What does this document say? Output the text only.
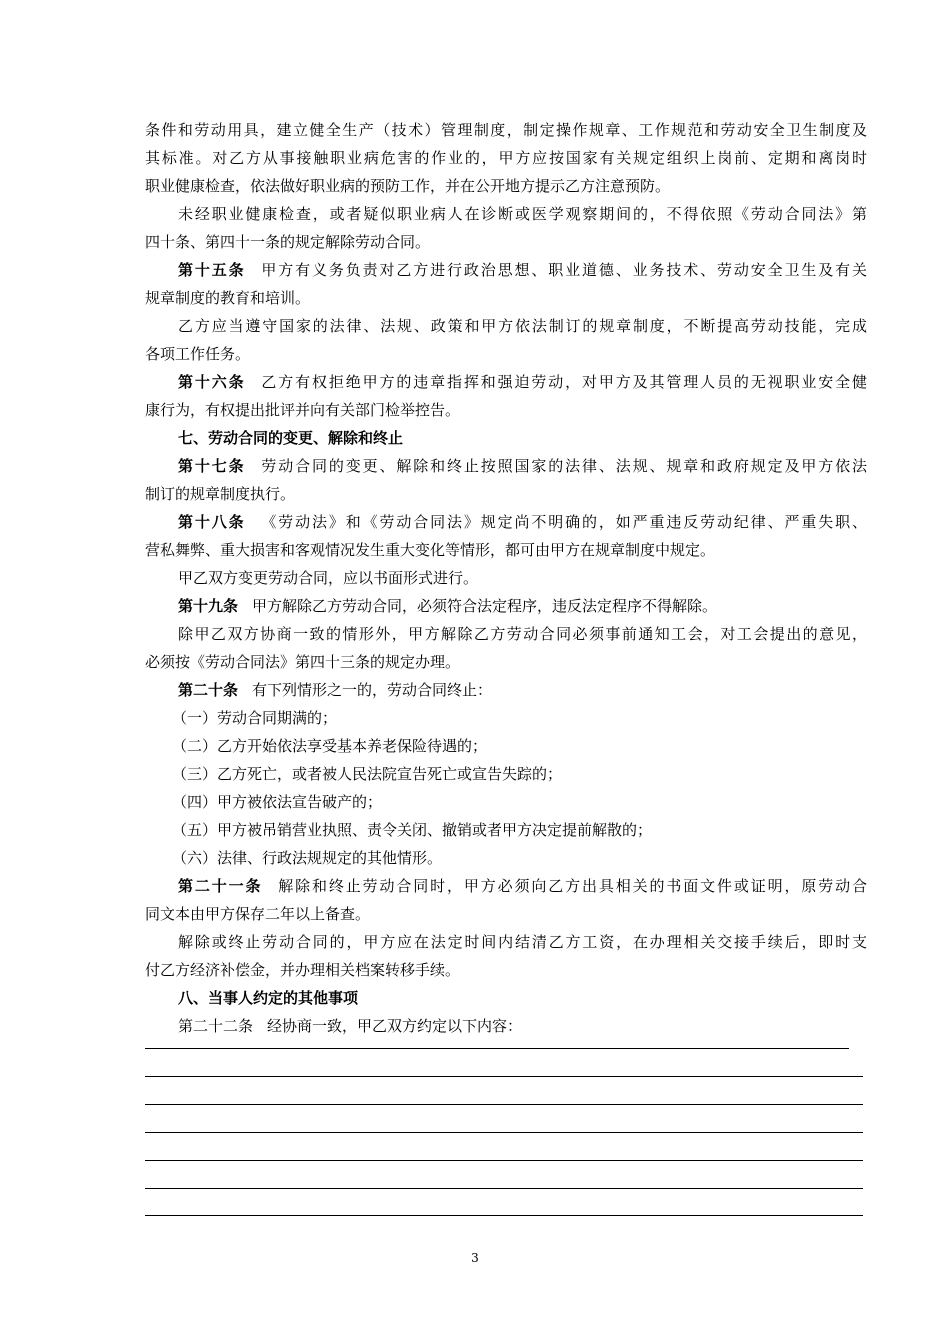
条件和劳动用具，建立健全生产（技术）管理制度，制定操作规章、工作规范和劳动安全卫生制度及

其标准。对乙方从事接触职业病危害的作业的，甲方应按国家有关规定组织上岗前、定期和离岗时

职业健康检查，依法做好职业病的预防工作，并在公开地方提示乙方注意预防。

未经职业健康检查，或者疑似职业病人在诊断或医学观察期间的，不得依照《劳动合同法》第

四十条、第四十一条的规定解除劳动合同。

第十五条 甲方有义务负责对乙方进行政治思想、职业道德、业务技术、劳动安全卫生及有关

规章制度的教育和培训。

乙方应当遵守国家的法律、法规、政策和甲方依法制订的规章制度，不断提高劳动技能，完成

各项工作任务。

第十六条 乙方有权拒绝甲方的违章指挥和强迫劳动，对甲方及其管理人员的无视职业安全健

康行为，有权提出批评并向有关部门检举控告。

七、劳动合同的变更、解除和终止

第十七条 劳动合同的变更、解除和终止按照国家的法律、法规、规章和政府规定及甲方依法

制订的规章制度执行。

第十八条 《劳动法》和《劳动合同法》规定尚不明确的，如严重违反劳动纪律、严重失职、

营私舞弊、重大损害和客观情况发生重大变化等情形，都可由甲方在规章制度中规定。

甲乙双方变更劳动合同，应以书面形式进行。

第十九条 甲方解除乙方劳动合同，必须符合法定程序，违反法定程序不得解除。

除甲乙双方协商一致的情形外，甲方解除乙方劳动合同必须事前通知工会，对工会提出的意见，

必须按《劳动合同法》第四十三条的规定办理。

第二十条 有下列情形之一的，劳动合同终止：

（一）劳动合同期满的；

（二）乙方开始依法享受基本养老保险待遇的；

（三）乙方死亡，或者被人民法院宣告死亡或宣告失踪的；

（四）甲方被依法宣告破产的；

（五）甲方被吊销营业执照、责令关闭、撤销或者甲方决定提前解散的；

（六）法律、行政法规规定的其他情形。

第二十一条 解除和终止劳动合同时，甲方必须向乙方出具相关的书面文件或证明，原劳动合

同文本由甲方保存二年以上备查。

解除或终止劳动合同的，甲方应在法定时间内结清乙方工资，在办理相关交接手续后，即时支

付乙方经济补偿金，并办理相关档案转移手续。

八、当事人约定的其他事项

第二十二条 经协商一致，甲乙双方约定以下内容：

3
